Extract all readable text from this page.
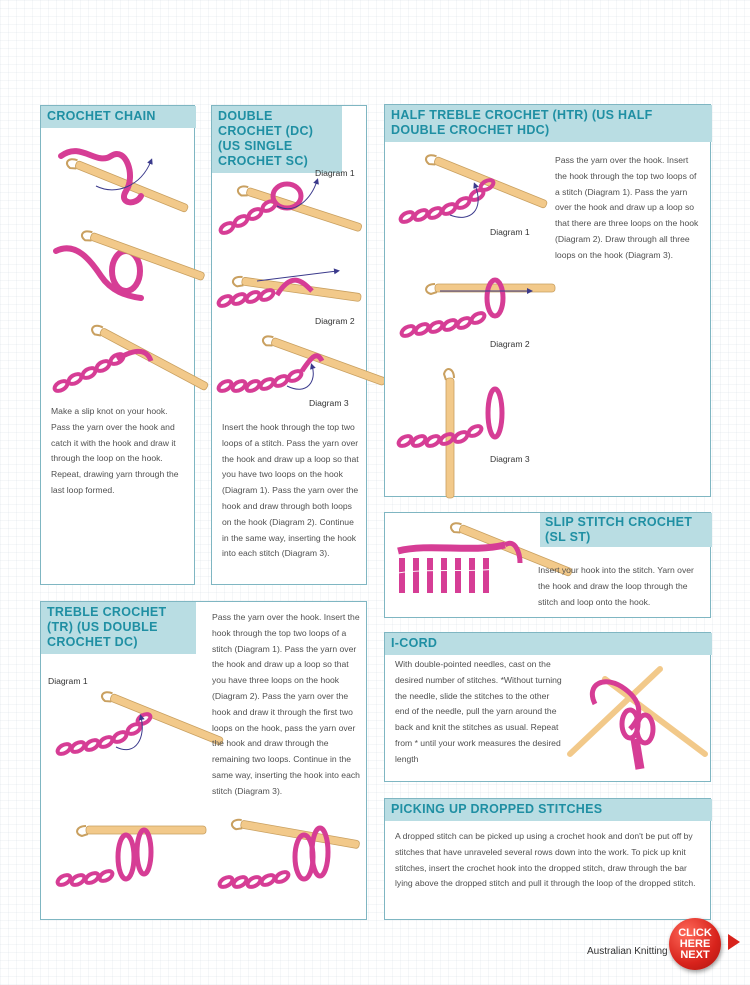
CROCHET CHAIN
Make a slip knot on your hook. Pass the yarn over the hook and catch it with the hook and draw it through the loop on the hook. Repeat, drawing yarn through the last loop formed.
DOUBLE CROCHET (DC) (US SINGLE CROCHET SC)
Diagram 1
Diagram 2
Diagram 3
Insert the hook through the top two loops of a stitch. Pass the yarn over the hook and draw up a loop so that you have two loops on the hook (Diagram 1). Pass the yarn over the hook and draw through both loops on the hook (Diagram 2). Continue in the same way, inserting the hook into each stitch (Diagram 3).
HALF TREBLE CROCHET (HTR) (US HALF DOUBLE CROCHET HDC)
Diagram 1
Diagram 2
Diagram 3
Pass the yarn over the hook. Insert the hook through the top two loops of a stitch (Diagram 1). Pass the yarn over the hook and draw up a loop so that there are three loops on the hook (Diagram 2). Draw through all three loops on the hook (Diagram 3).
SLIP STITCH CROCHET (SL ST)
Insert your hook into the stitch. Yarn over the hook and draw the loop through the stitch and loop onto the hook.
TREBLE CROCHET (TR) (US DOUBLE CROCHET DC)
Diagram 1
Pass the yarn over the hook. Insert the hook through the top two loops of a stitch (Diagram 1). Pass the yarn over the hook and draw up a loop so that you have three loops on the hook (Diagram 2). Pass the yarn over the hook and draw it through the first two loops on the hook, pass the yarn over the hook and draw through the remaining two loops. Continue in the same way, inserting the hook into each stitch (Diagram 3).
I-CORD
With double-pointed needles, cast on the desired number of stitches. *Without turning the needle, slide the stitches to the other end of the needle, pull the yarn around the back and knit the stitches as usual. Repeat from * until your work measures the desired length
PICKING UP DROPPED STITCHES
A dropped stitch can be picked up using a crochet hook and don't be put off by stitches that have unraveled several rows down into the work. To pick up knit stitches, insert the crochet hook into the dropped stitch, draw through the bar lying above the dropped stitch and pull it through the loop of the dropped stitch.
Australian Knitting
CLICK HERE NEXT
